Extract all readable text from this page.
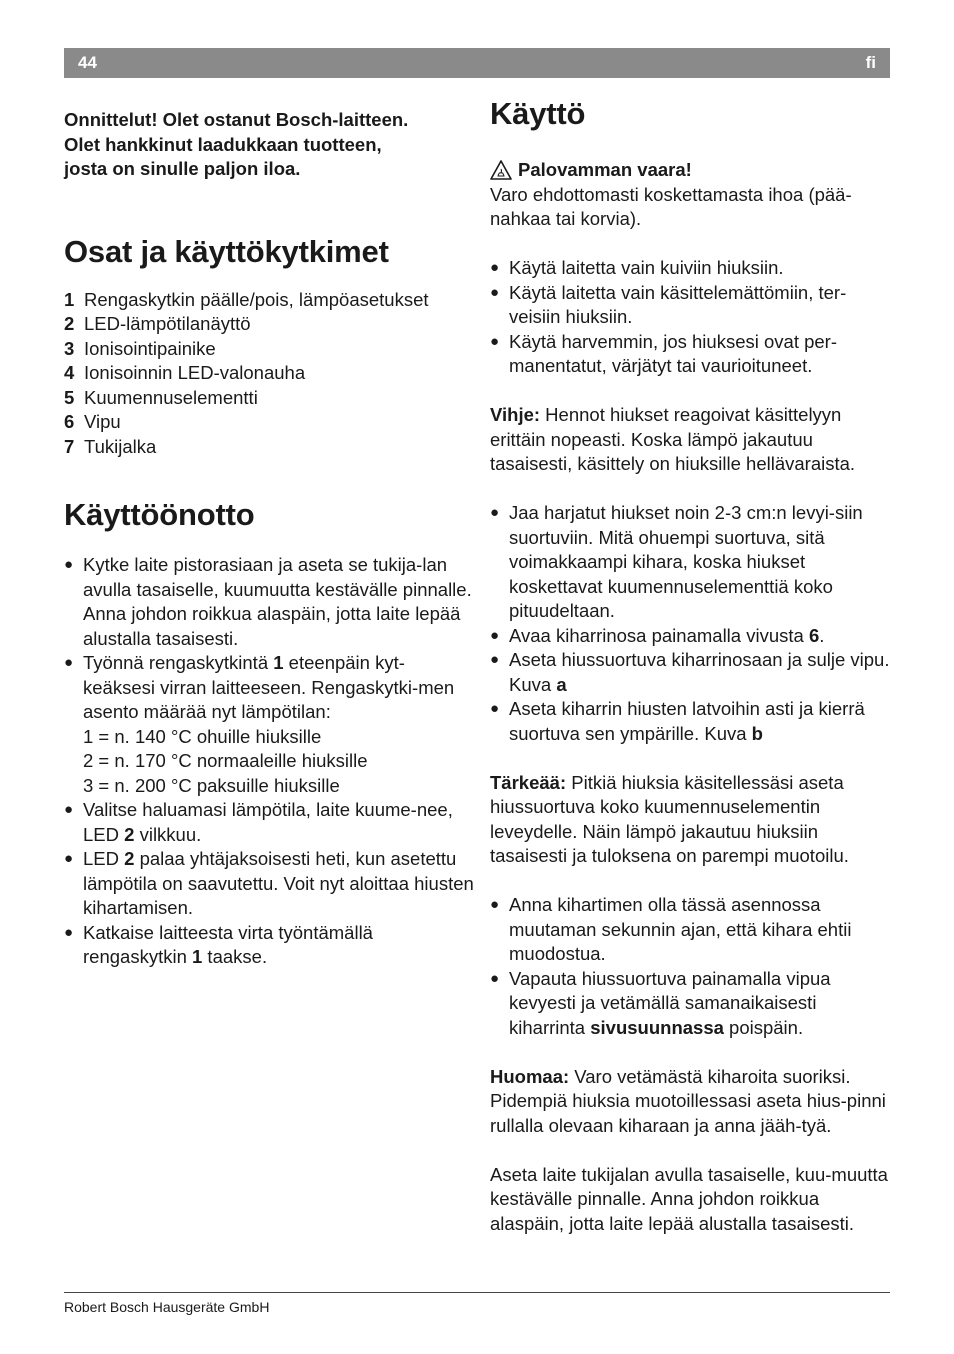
44	fi

Onnittelut! Olet ostanut Bosch-laitteen.
Olet hankkinut laadukkaan tuotteen,
josta on sinulle paljon iloa.

Osat ja käyttökytkimet
1 Rengaskytkin päälle/pois, lämpöasetukset
2 LED-lämpötilanäyttö
3 Ionisointipainike
4 Ionisoinnin LED-valonauha
5 Kuumennuselementti
6 Vipu
7 Tukijalka
Käyttöönotto
● Kytke laite pistorasiaan ja aseta se tukija-lan avulla tasaiselle, kuumuutta kestävälle pinnalle. Anna johdon roikkua alaspäin, jotta laite lepää alustalla tasaisesti.
● Työnnä rengaskytkintä 1 eteenpäin kyt-keäksesi virran laitteeseen. Rengaskytki-men asento määrää nyt lämpötilan:
1 = n. 140 °C ohuille hiuksille
2 = n. 170 °C normaaleille hiuksille
3 = n. 200 °C paksuille hiuksille
● Valitse haluamasi lämpötila, laite kuume-nee, LED 2 vilkkuu.
● LED 2 palaa yhtäjaksoisesti heti, kun asetettu lämpötila on saavutettu. Voit nyt aloittaa hiusten kihartamisen.
● Katkaise laitteesta virta työntämällä rengaskytkin 1 taakse.
Käyttö
Palovamman vaara!

Varo ehdottomasti koskettamasta ihoa (pää-nahkaa tai korvia).

● Käytä laitetta vain kuiviin hiuksiin.
● Käytä laitetta vain käsittelemättömiin, ter-veisiin hiuksiin.
● Käytä harvemmin, jos hiuksesi ovat per-manentatut, värjätyt tai vaurioituneet.

Vihje: Hennot hiukset reagoivat käsittelyyn erittäin nopeasti. Koska lämpö jakautuu tasaisesti, käsittely on hiuksille hellävaraista.

● Jaa harjatut hiukset noin 2-3 cm:n levyi-siin suortuviin. Mitä ohuempi suortuva, sitä voimakkaampi kihara, koska hiukset koskettavat kuumennuselementtiä koko pituudeltaan.
● Avaa kiharrinosa painamalla vivusta 6.
● Aseta hiussuortuva kiharrinosaan ja sulje vipu. Kuva a
● Aseta kiharrin hiusten latvoihin asti ja kierrä suortuva sen ympärille. Kuva b

Tärkeää: Pitkiä hiuksia käsitellessäsi aseta hiussuortuva koko kuumennuselementin leveydelle. Näin lämpö jakautuu hiuksiin tasaisesti ja tuloksena on parempi muotoilu.

● Anna kihartimen olla tässä asennossa muutaman sekunnin ajan, että kihara ehtii muodostua.
● Vapauta hiussuortuva painamalla vipua kevyesti ja vetämällä samanaikaisesti kiharrinta sivusuunnassa poispäin.

Huomaa: Varo vetämästä kiharoita suoriksi. Pidempiä hiuksia muotoillessasi aseta hius-pinni rullalla olevaan kiharaan ja anna jääh-tyä.

Aseta laite tukijalan avulla tasaiselle, kuu-muutta kestävälle pinnalle. Anna johdon roikkua alaspäin, jotta laite lepää alustalla tasaisesti.

Robert Bosch Hausgeräte GmbH
